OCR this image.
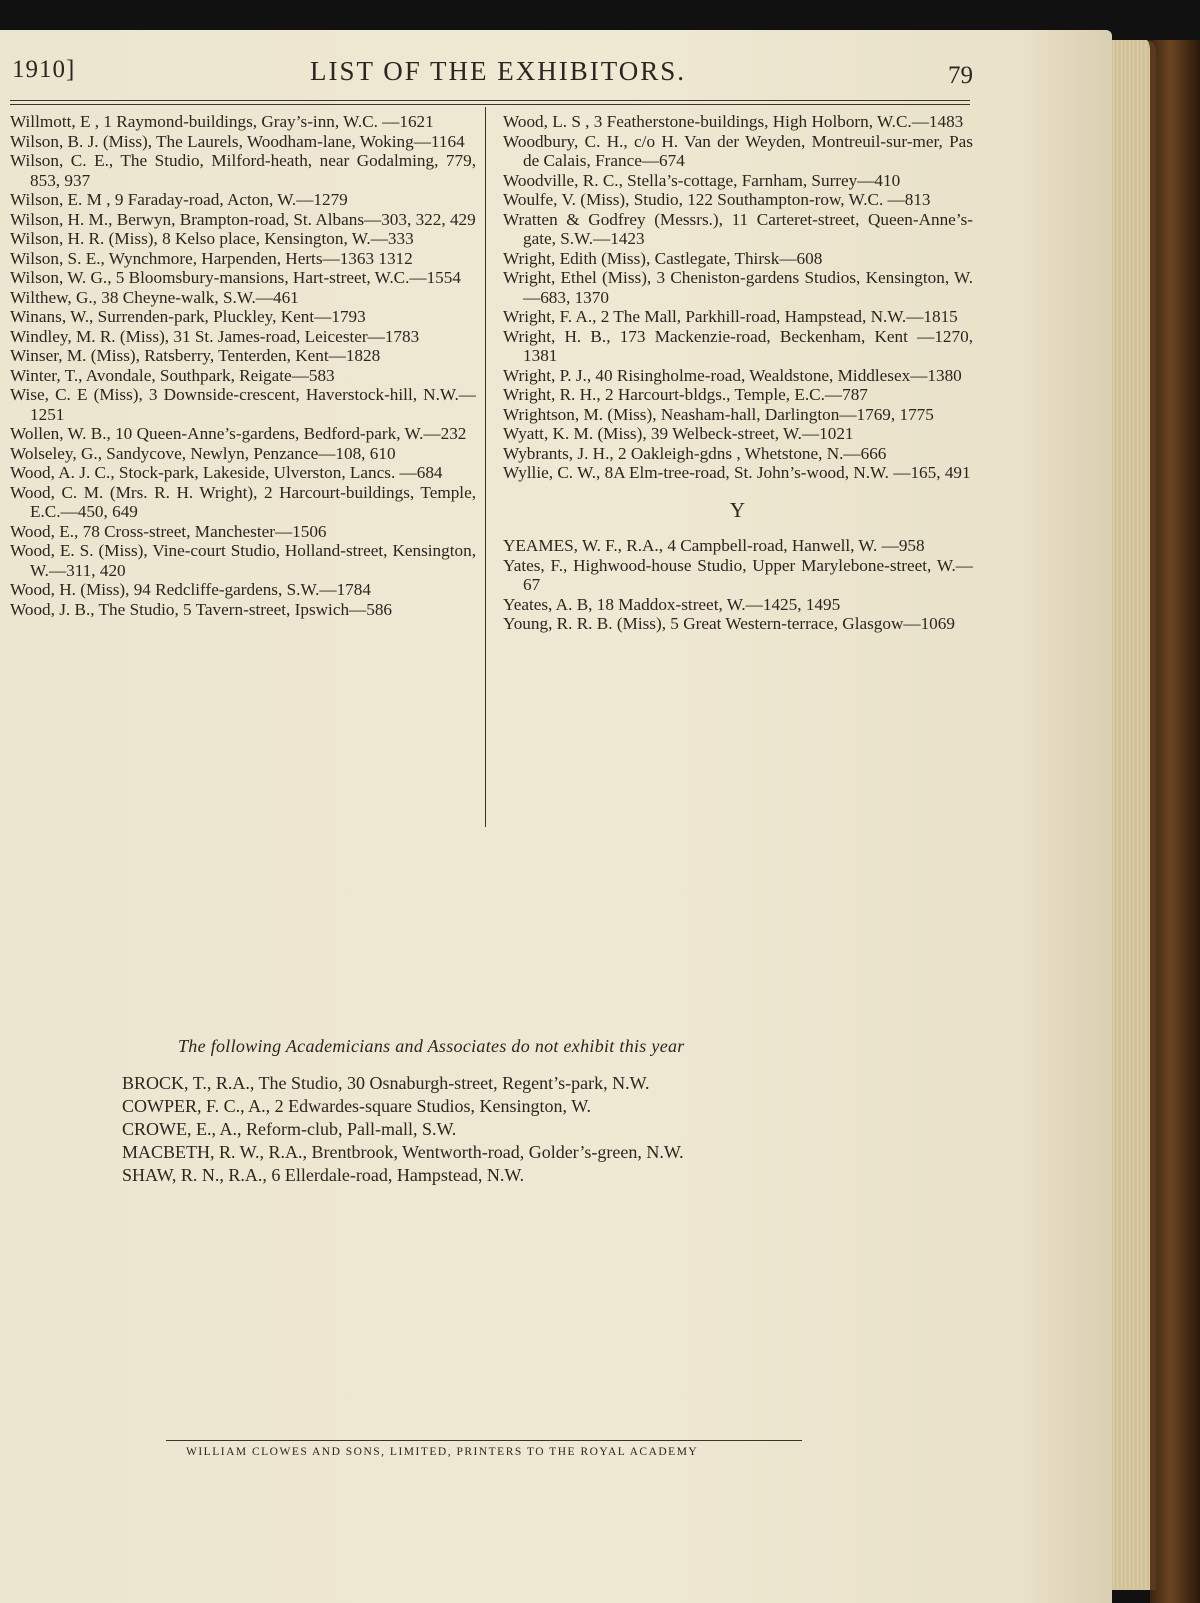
1910]	LIST OF THE EXHIBITORS.	79
Willmott, E , 1 Raymond-buildings, Gray’s-inn, W.C. —1621
Wilson, B. J. (Miss), The Laurels, Woodham-lane, Woking—1164
Wilson, C. E., The Studio, Milford-heath, near Godalming, 779, 853, 937
Wilson, E. M , 9 Faraday-road, Acton, W.—1279
Wilson, H. M., Berwyn, Brampton-road, St. Albans—303, 322, 429
Wilson, H. R. (Miss), 8 Kelso place, Kensington, W.—333
Wilson, S. E., Wynchmore, Harpenden, Herts—1363 1312
Wilson, W. G., 5 Bloomsbury-mansions, Hart-street, W.C.—1554
Wilthew, G., 38 Cheyne-walk, S.W.—461
Winans, W., Surrenden-park, Pluckley, Kent—1793
Windley, M. R. (Miss), 31 St. James-road, Leicester—1783
Winser, M. (Miss), Ratsberry, Tenterden, Kent—1828
Winter, T., Avondale, Southpark, Reigate—583
Wise, C. E (Miss), 3 Downside-crescent, Haverstock-hill, N.W.—1251
Wollen, W. B., 10 Queen-Anne’s-gardens, Bedford-park, W.—232
Wolseley, G., Sandycove, Newlyn, Penzance—108, 610
Wood, A. J. C., Stock-park, Lakeside, Ulverston, Lancs. —684
Wood, C. M. (Mrs. R. H. Wright), 2 Harcourt-buildings, Temple, E.C.—450, 649
Wood, E., 78 Cross-street, Manchester—1506
Wood, E. S. (Miss), Vine-court Studio, Holland-street, Kensington, W.—311, 420
Wood, H. (Miss), 94 Redcliffe-gardens, S.W.—1784
Wood, J. B., The Studio, 5 Tavern-street, Ipswich—586
Wood, L. S , 3 Featherstone-buildings, High Holborn, W.C.—1483
Woodbury, C. H., c/o H. Van der Weyden, Montreuil-sur-mer, Pas de Calais, France—674
Woodville, R. C., Stella’s-cottage, Farnham, Surrey—410
Woulfe, V. (Miss), Studio, 122 Southampton-row, W.C. —813
Wratten & Godfrey (Messrs.), 11 Carteret-street, Queen-Anne’s-gate, S.W.—1423
Wright, Edith (Miss), Castlegate, Thirsk—608
Wright, Ethel (Miss), 3 Cheniston-gardens Studios, Kensington, W.—683, 1370
Wright, F. A., 2 The Mall, Parkhill-road, Hampstead, N.W.—1815
Wright, H. B., 173 Mackenzie-road, Beckenham, Kent —1270, 1381
Wright, P. J., 40 Risingholme-road, Wealdstone, Middlesex—1380
Wright, R. H., 2 Harcourt-bldgs., Temple, E.C.—787
Wrightson, M. (Miss), Neasham-hall, Darlington—1769, 1775
Wyatt, K. M. (Miss), 39 Welbeck-street, W.—1021
Wybrants, J. H., 2 Oakleigh-gdns , Whetstone, N.—666
Wyllie, C. W., 8A Elm-tree-road, St. John’s-wood, N.W. —165, 491
Y
YEAMES, W. F., R.A., 4 Campbell-road, Hanwell, W. —958
Yates, F., Highwood-house Studio, Upper Marylebone-street, W.—67
Yeates, A. B, 18 Maddox-street, W.—1425, 1495
Young, R. R. B. (Miss), 5 Great Western-terrace, Glasgow—1069
The following Academicians and Associates do not exhibit this year
BROCK, T., R.A., The Studio, 30 Osnaburgh-street, Regent’s-park, N.W.
COWPER, F. C., A., 2 Edwardes-square Studios, Kensington, W.
CROWE, E., A., Reform-club, Pall-mall, S.W.
MACBETH, R. W., R.A., Brentbrook, Wentworth-road, Golder’s-green, N.W.
SHAW, R. N., R.A., 6 Ellerdale-road, Hampstead, N.W.
WILLIAM CLOWES AND SONS, LIMITED, PRINTERS TO THE ROYAL ACADEMY
